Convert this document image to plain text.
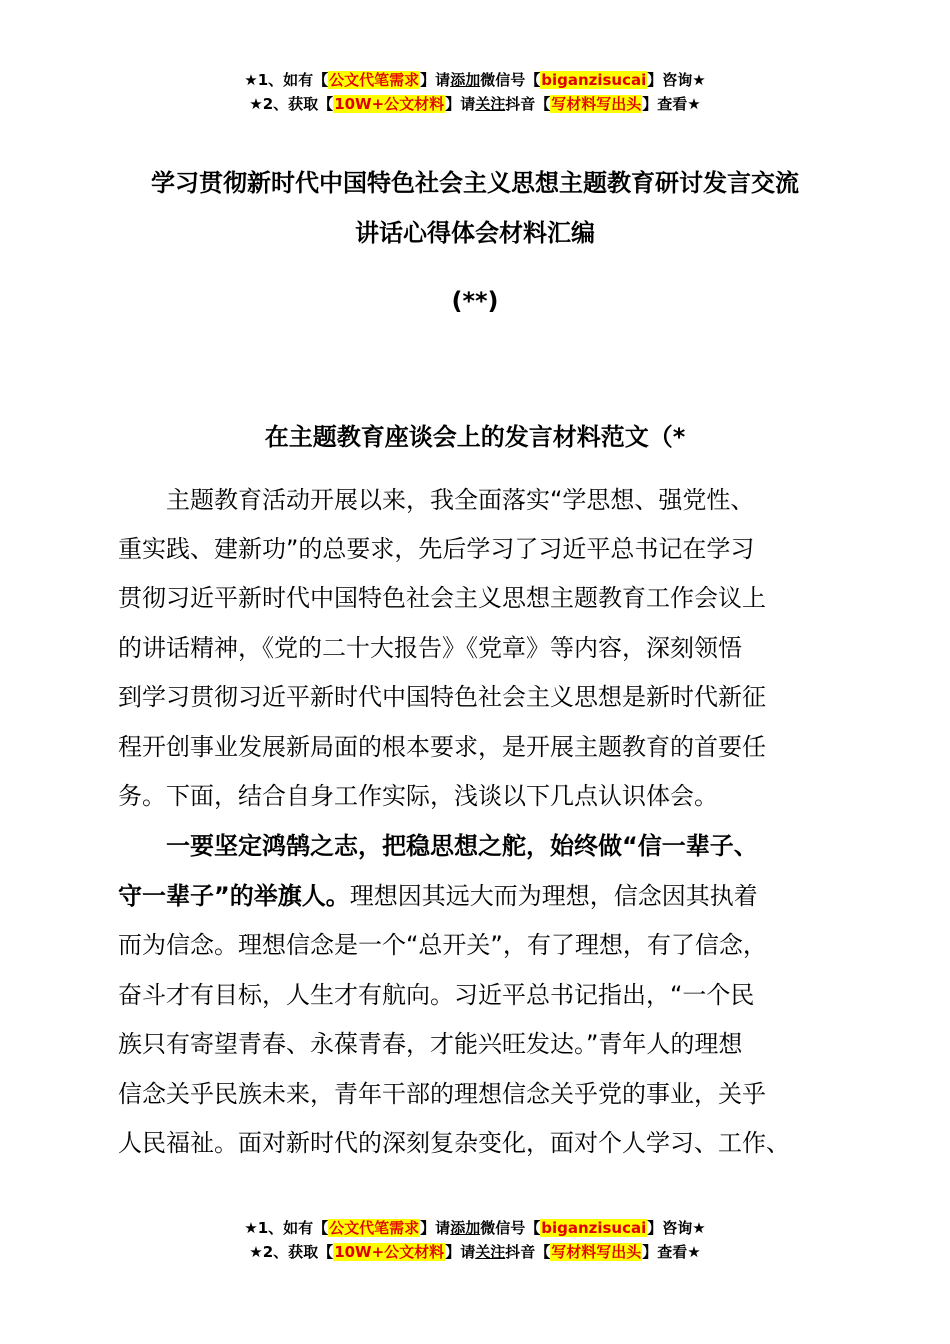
★1、如有【公文代笔需求】请添加微信号【biganzisucai】咨询★
★2、获取【10W+公文材料】请关注抖音【写材料写出头】查看★
学习贯彻新时代中国特色社会主义思想主题教育研讨发言交流
讲话心得体会材料汇编
(**)
在主题教育座谈会上的发言材料范文（*
主题教育活动开展以来，我全面落实“学思想、强党性、
重实践、建新功”的总要求，先后学习了习近平总书记在学习
贯彻习近平新时代中国特色社会主义思想主题教育工作会议上
的讲话精神，《党的二十大报告》《党章》等内容，深刻领悟
到学习贯彻习近平新时代中国特色社会主义思想是新时代新征
程开创事业发展新局面的根本要求，是开展主题教育的首要任
务。下面，结合自身工作实际，浅谈以下几点认识体会。
一要坚定鸿鹄之志，把稳思想之舵，始终做“信一辈子、
守一辈子”的举旗人。理想因其远大而为理想，信念因其执着
而为信念。理想信念是一个“总开关”，有了理想，有了信念，
奋斗才有目标，人生才有航向。习近平总书记指出，“一个民
族只有寄望青春、永葆青春，才能兴旺发达。”青年人的理想
信念关乎民族未来，青年干部的理想信念关乎党的事业，关乎
人民福祉。面对新时代的深刻复杂变化，面对个人学习、工作、
★1、如有【公文代笔需求】请添加微信号【biganzisucai】咨询★
★2、获取【10W+公文材料】请关注抖音【写材料写出头】查看★
